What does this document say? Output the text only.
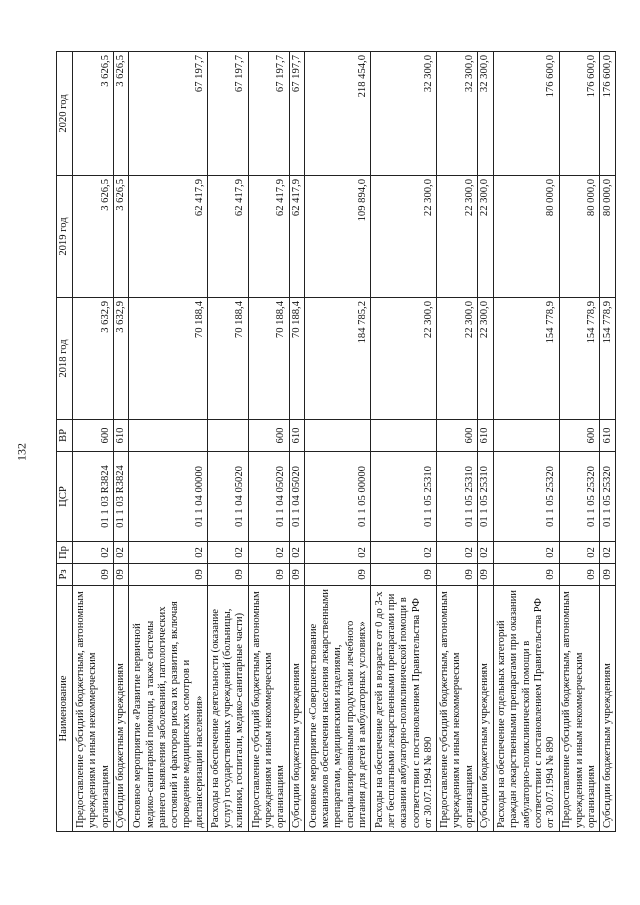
132
Наименование	Рз	Пр	ЦСР	ВР	2018 год	2019 год	2020 год
Предоставление субсидий бюджетным, автономным учреждениям и иным некоммерческим организациям	09	02	01 1 03 R3824	600	3 632,9	3 626,5	3 626,5
Субсидии бюджетным учреждениям	09	02	01 1 03 R3824	610	3 632,9	3 626,5	3 626,5
Основное мероприятие «Развитие первичной медико-санитарной помощи, а также системы раннего выявления заболеваний, патологических состояний и факторов риска их развития, включая проведение медицинских осмотров и диспансеризации населения»	09	02	01 1 04 00000		70 188,4	62 417,9	67 197,7
Расходы на обеспечение деятельности (оказание услуг) государственных учреждений (больницы, клиники, госпитали, медико-санитарные части)	09	02	01 1 04 05020		70 188,4	62 417,9	67 197,7
Предоставление субсидий бюджетным, автономным учреждениям и иным некоммерческим организациям	09	02	01 1 04 05020	600	70 188,4	62 417,9	67 197,7
Субсидии бюджетным учреждениям	09	02	01 1 04 05020	610	70 188,4	62 417,9	67 197,7
Основное мероприятие «Совершенствование механизмов обеспечения населения лекарственными препаратами, медицинскими изделиями, специализированными продуктами лечебного питания для детей в амбулаторных условиях»	09	02	01 1 05 00000		184 785,2	109 894,0	218 454,0
Расходы на обеспечение детей в возрасте от 0 до 3-х лет бесплатными лекарственными препаратами при оказании амбулаторно-поликлинической помощи в соответствии с постановлением Правительства РФ от 30.07.1994 № 890	09	02	01 1 05 25310		22 300,0	22 300,0	32 300,0
Предоставление субсидий бюджетным, автономным учреждениям и иным некоммерческим организациям	09	02	01 1 05 25310	600	22 300,0	22 300,0	32 300,0
Субсидии бюджетным учреждениям	09	02	01 1 05 25310	610	22 300,0	22 300,0	32 300,0
Расходы на обеспечение отдельных категорий граждан лекарственными препаратами при оказании амбулаторно-поликлинической помощи в соответствии с постановлением Правительства РФ от 30.07.1994 № 890	09	02	01 1 05 25320		154 778,9	80 000,0	176 600,0
Предоставление субсидий бюджетным, автономным учреждениям и иным некоммерческим организациям	09	02	01 1 05 25320	600	154 778,9	80 000,0	176 600,0
Субсидии бюджетным учреждениям	09	02	01 1 05 25320	610	154 778,9	80 000,0	176 600,0
